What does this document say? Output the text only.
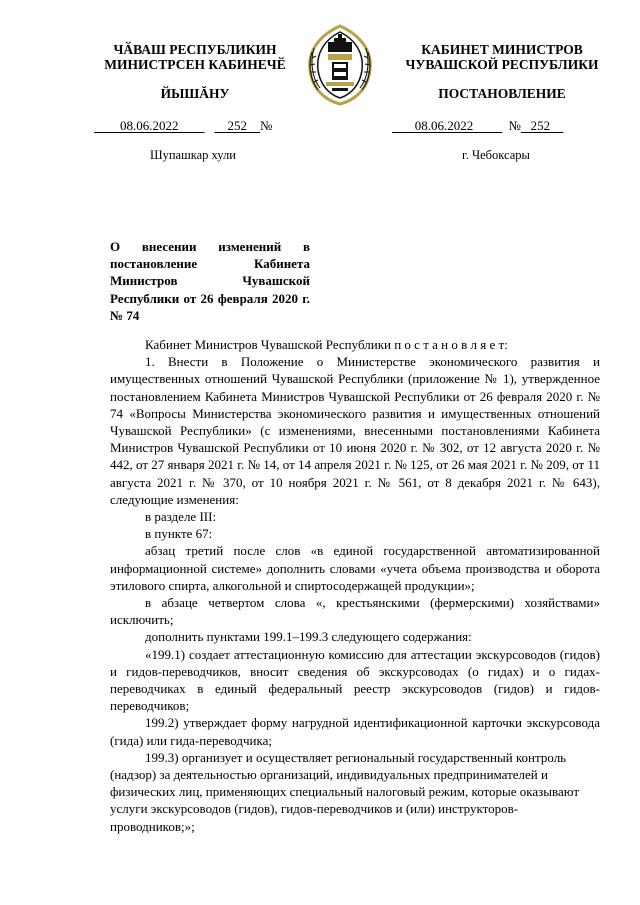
ЧӐВАШ РЕСПУБЛИКИН
МИНИСТРСЕН КАБИНЕЧӖ
ЙЫШĂНУ
КАБИНЕТ МИНИСТРОВ
ЧУВАШСКОЙ РЕСПУБЛИКИ
ПОСТАНОВЛЕНИЕ
08.06.2022	252 №	08.06.2022	№ 252
Шупашкар хули	г. Чебоксары
О внесении изменений в постановление Кабинета Министров Чувашской Республики от 26 февраля 2020 г. № 74

Кабинет Министров Чувашской Республики п о с т а н о в л я е т:

1. Внести в Положение о Министерстве экономического развития и имущественных отношений Чувашской Республики (приложение № 1), утвержденное постановлением Кабинета Министров Чувашской Республики от 26 февраля 2020 г. № 74 «Вопросы Министерства экономического развития и имущественных отношений Чувашской Республики» (с изменениями, внесенными постановлениями Кабинета Министров Чувашской Республики от 10 июня 2020 г. № 302, от 12 августа 2020 г. № 442, от 27 января 2021 г. № 14, от 14 апреля 2021 г. № 125, от 26 мая 2021 г. № 209, от 11 августа 2021 г. № 370, от 10 ноября 2021 г. № 561, от 8 декабря 2021 г. № 643), следующие изменения:

в разделе III:

в пункте 67:

абзац третий после слов «в единой государственной автоматизированной информационной системе» дополнить словами «учета объема производства и оборота этилового спирта, алкогольной и спиртосодержащей продукции»;

в абзаце четвертом слова «, крестьянскими (фермерскими) хозяйствами» исключить;

дополнить пунктами 199.1–199.3 следующего содержания:

«199.1) создает аттестационную комиссию для аттестации экскурсоводов (гидов) и гидов-переводчиков, вносит сведения об экскурсоводах (о гидах) и о гидах-переводчиках в единый федеральный реестр экскурсоводов (гидов) и гидов-переводчиков;

199.2) утверждает форму нагрудной идентификационной карточки экскурсовода (гида) или гида-переводчика;

199.3) организует и осуществляет региональный государственный контроль (надзор) за деятельностью организаций, индивидуальных предпринимателей и физических лиц, применяющих специальный налоговый режим, которые оказывают услуги экскурсоводов (гидов), гидов-переводчиков и (или) инструкторов-проводников;»;
